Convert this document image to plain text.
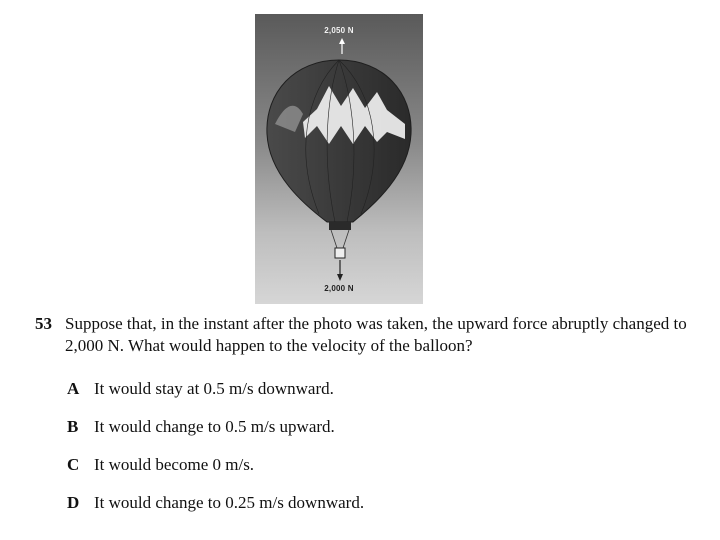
2,050 N
2,000 N
53 Suppose that, in the instant after the photo was taken, the upward force abruptly changed to 2,000 N. What would happen to the velocity of the balloon?
A It would stay at 0.5 m/s downward.
B It would change to 0.5 m/s upward.
C It would become 0 m/s.
D It would change to 0.25 m/s downward.
